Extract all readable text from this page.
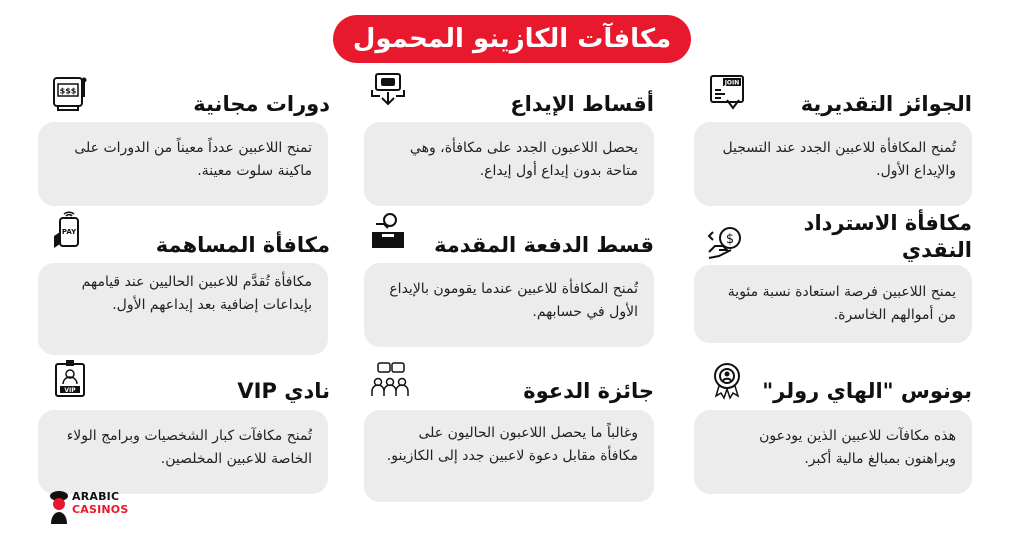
مكافآت الكازينو المحمول
JOIN
الجوائز التقديرية
تُمنح المكافأة للاعبين الجدد عند التسجيل والإيداع الأول.
$
مكافأة الاسترداد النقدي
يمنح اللاعبين فرصة استعادة نسبة مئوية من أموالهم الخاسرة.
بونوس "الهاي رولر"
هذه مكافآت للاعبين الذين يودعون ويراهنون بمبالغ مالية أكبر.
أقساط الإيداع
يحصل اللاعبون الجدد على مكافأة، وهي متاحة بدون إيداع أول إيداع.
قسط الدفعة المقدمة
تُمنح المكافأة للاعبين عندما يقومون بالإيداع الأول في حسابهم.
جائزة الدعوة
وغالباً ما يحصل اللاعبون الحاليون على مكافأة مقابل دعوة لاعبين جدد إلى الكازينو.
$$$
دورات مجانية
تمنح اللاعبين عدداً معيناً من الدورات على ماكينة سلوت معينة.
PAY
مكافأة المساهمة
مكافأة تُقدَّم للاعبين الحاليين عند قيامهم بإيداعات إضافية بعد إيداعهم الأول.
VIP	نادي VIP
تُمنح مكافآت كبار الشخصيات وبرامج الولاء الخاصة للاعبين المخلصين.
ARABIC
CASINOS
